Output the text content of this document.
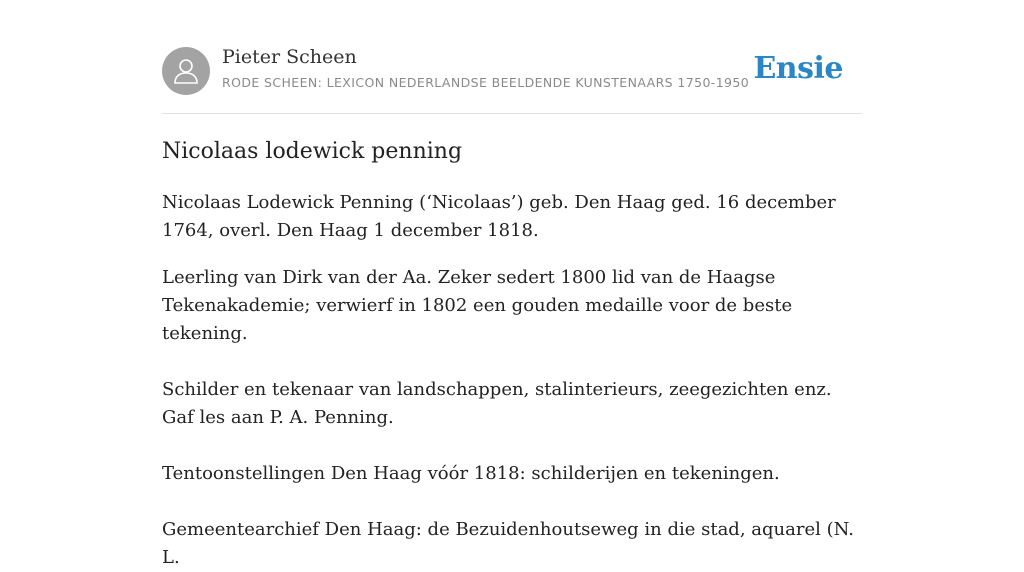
Pieter Scheen
RODE SCHEEN: LEXICON NEDERLANDSE BEELDENDE KUNSTENAARS 1750-1950 Ensie
Nicolaas lodewick penning

Nicolaas Lodewick Penning (‘Nicolaas’) geb. Den Haag ged. 16 december 1764, overl. Den Haag 1 december 1818.

Leerling van Dirk van der Aa. Zeker sedert 1800 lid van de Haagse Tekenakademie; verwierf in 1802 een gouden medaille voor de beste tekening.

Schilder en tekenaar van landschappen, stalinterieurs, zeegezichten enz. Gaf les aan P. A. Penning.

Tentoonstellingen Den Haag vóór 1818: schilderijen en tekeningen.

Gemeentearchief Den Haag: de Bezuidenhoutseweg in die stad, aquarel (N. L.
